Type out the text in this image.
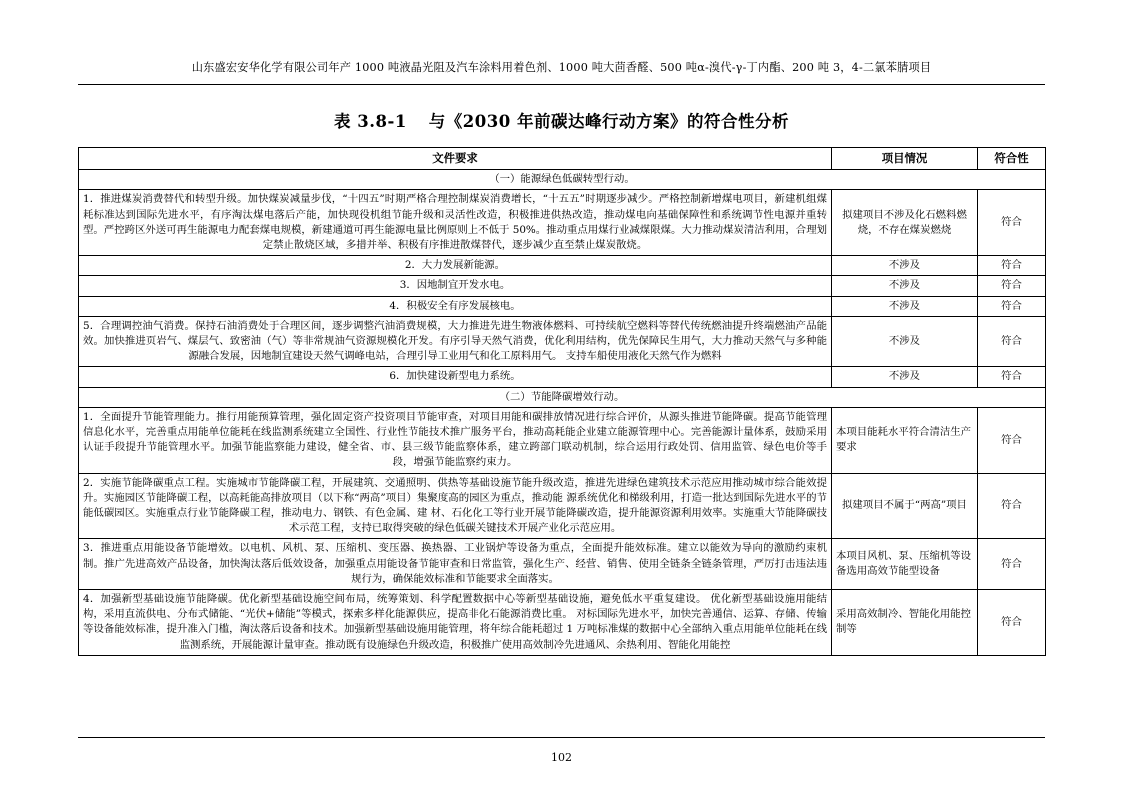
山东盛宏安华化学有限公司年产 1000 吨液晶光阻及汽车涂料用着色剂、1000 吨大茴香醛、500 吨α-溴代-γ-丁内酯、200 吨 3，4-二氯苯腈项目
表 3.8-1 与《2030 年前碳达峰行动方案》的符合性分析
文件要求	项目情况	符合性
（一）能源绿色低碳转型行动。		
1．推进煤炭消费替代和转型升级。加快煤炭减量步伐，“十四五”时期严格合理控制煤炭消费增长，“十五五”时期逐步减少。严格控制新增煤电项目，新建机组煤耗标准达到国际先进水平，有序淘汰煤电落后产能，加快现役机组节能升级和灵活性改造，积极推进供热改造，推动煤电向基础保障性和系统调节性电源并重转型。严控跨区外送可再生能源电力配套煤电规模，新建通道可再生能源电量比例原则上不低于 50%。推动重点用煤行业减煤限煤。大力推动煤炭清洁利用，合理划定禁止散烧区域，多措并举、积极有序推进散煤替代，逐步减少直至禁止煤炭散烧。	拟建项目不涉及化石燃料燃烧，不存在煤炭燃烧	符合
2．大力发展新能源。	不涉及	符合
3．因地制宜开发水电。	不涉及	符合
4．积极安全有序发展核电。	不涉及	符合
5．合理调控油气消费。保持石油消费处于合理区间，逐步调整汽油消费规模，大力推进先进生物液体燃料、可持续航空燃料等替代传统燃油提升终端燃油产品能效。加快推进页岩气、煤层气、致密油（气）等非常规油气资源规模化开发。有序引导天然气消费，优化利用结构，优先保障民生用气，大力推动天然气与多种能源融合发展，因地制宜建设天然气调峰电站，合理引导工业用气和化工原料用气。 支持车船使用液化天然气作为燃料	不涉及	符合
6．加快建设新型电力系统。	不涉及	符合
（二）节能降碳增效行动。		
1．全面提升节能管理能力。推行用能预算管理，强化固定资产投资项目节能审查，对项目用能和碳排放情况进行综合评价，从源头推进节能降碳。提高节能管理信息化水平，完善重点用能单位能耗在线监测系统建立全国性、行业性节能技术推广服务平台，推动高耗能企业建立能源管理中心。完善能源计量体系，鼓励采用认证手段提升节能管理水平。加强节能监察能力建设，健全省、市、县三级节能监察体系，建立跨部门联动机制，综合运用行政处罚、信用监管、绿色电价等手段，增强节能监察约束力。	本项目能耗水平符合清洁生产要求	符合
2．实施节能降碳重点工程。实施城市节能降碳工程，开展建筑、交通照明、供热等基础设施节能升级改造，推进先进绿色建筑技术示范应用推动城市综合能效提升。实施园区节能降碳工程，以高耗能高排放项目（以下称“两高”项目）集聚度高的园区为重点，推动能 源系统优化和梯级利用，打造一批达到国际先进水平的节能低碳园区。实施重点行业节能降碳工程，推动电力、钢铁、有色金属、建 材、石化化工等行业开展节能降碳改造，提升能源资源利用效率。实施重大节能降碳技术示范工程，支持已取得突破的绿色低碳关键技术开展产业化示范应用。	拟建项目不属于“两高”项目	符合
3．推进重点用能设备节能增效。以电机、风机、泵、压缩机、变压器、换热器、工业锅炉等设备为重点，全面提升能效标准。建立以能效为导向的激励约束机制。推广先进高效产品设备，加快淘汰落后低效设备，加强重点用能设备节能审查和日常监管，强化生产、经营、销售、使用全链条全链条管理，严厉打击违法违规行为，确保能效标准和节能要求全面落实。	本项目风机、泵、压缩机等设备选用高效节能型设备	符合
4．加强新型基础设施节能降碳。优化新型基础设施空间布局，统筹策划、科学配置数据中心等新型基础设施，避免低水平重复建设。 优化新型基础设施用能结构，采用直流供电、分布式储能、“光伏+储能”等模式，探索多样化能源供应，提高非化石能源消费比重。 对标国际先进水平，加快完善通信、运算、存储、传输等设备能效标准，提升准入门槛，淘汰落后设备和技术。加强新型基础设施用能管理，将年综合能耗超过 1 万吨标准煤的数据中心全部纳入重点用能单位能耗在线监测系统，开展能源计量审查。推动既有设施绿色升级改造，积极推广使用高效制冷先进通风、余热利用、智能化用能控	采用高效制冷、智能化用能控制等	符合
102
